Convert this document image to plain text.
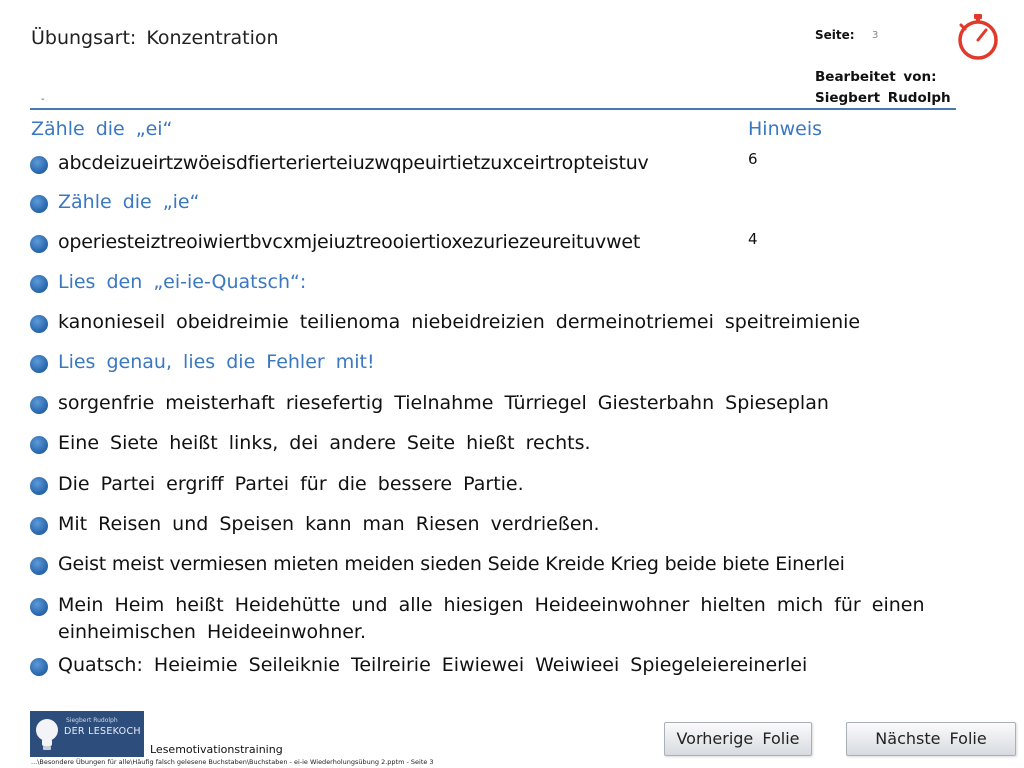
Übungsart: Konzentration	Seite: 3
Bearbeitet von:
Siegbert Rudolph
-
Zähle die „ei“	Hinweis
abcdeizueirtzwöeisdfierterierteiuzwqpeuirtietzuxceirtropteistuv	6
Zähle die „ie“
operiesteiztreoiwiertbvcxmjeiuztreooiertioxezuriezeureituvwet	4
Lies den „ei-ie-Quatsch“:
kanonieseil obeidreimie teilienoma niebeidreizien dermeinotriemei speitreimienie
Lies genau, lies die Fehler mit!
sorgenfrie meisterhaft riesefertig Tielnahme Türriegel Giesterbahn Spieseplan
Eine Siete heißt links, dei andere Seite hießt rechts.
Die Partei ergriff Partei für die bessere Partie.
Mit Reisen und Speisen kann man Riesen verdrießen.
Geist meist vermiesen mieten meiden sieden Seide Kreide Krieg beide biete Einerlei
Mein Heim heißt Heidehütte und alle hiesigen Heideeinwohner hielten mich für einen einheimischen Heideeinwohner.
Quatsch: Heieimie Seileiknie Teilreirie Eiwiewei Weiwieei Spiegeleiereinerlei
Siegbert Rudolph
DER LESEKOCH
Lesemotivationstraining
...\Besondere Übungen für alle\Häufig falsch gelesene Buchstaben\Buchstaben - ei-ie Wiederholungsübung 2.pptm - Seite 3
Vorherige Folie	Nächste Folie
